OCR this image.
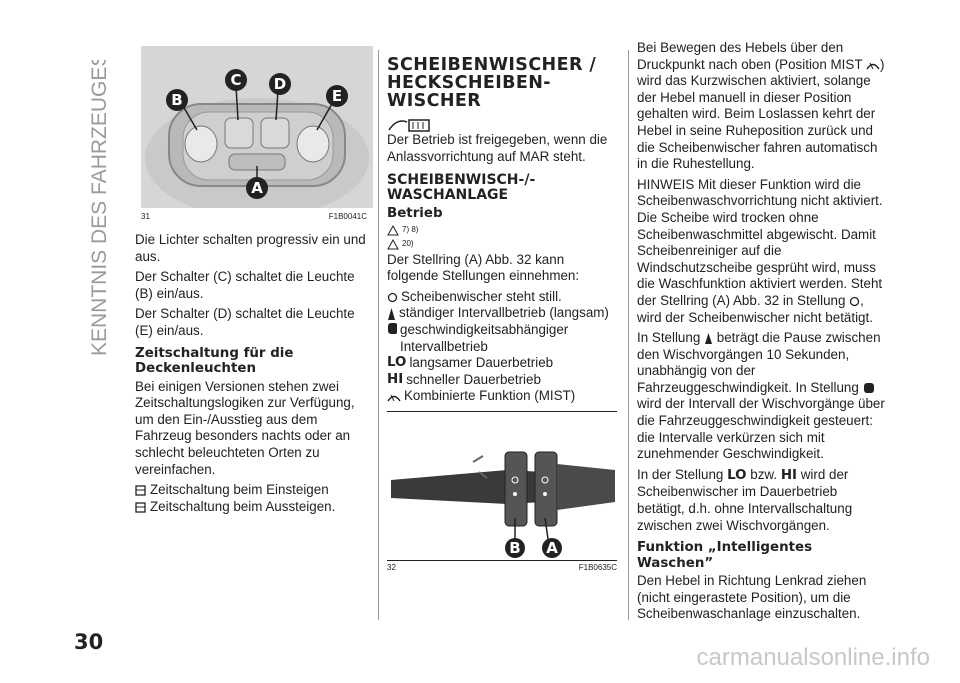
KENNTNIS DES FAHRZEUGES	C D
B	E
A
31	F1B0041C

Die Lichter schalten progressiv ein und aus.

Der Schalter (C) schaltet die Leuchte (B) ein/aus.

Der Schalter (D) schaltet die Leuchte (E) ein/aus.

Zeitschaltung für die Deckenleuchten

Bei einigen Versionen stehen zwei Zeitschaltungslogiken zur Verfügung, um den Ein-/Ausstieg aus dem Fahrzeug besonders nachts oder an schlecht beleuchteten Orten zu vereinfachen.

Zeitschaltung beim Einsteigen
Zeitschaltung beim Aussteigen.
SCHEIBENWISCHER / HECKSCHEIBEN-WISCHER

Der Betrieb ist freigegeben, wenn die Anlassvorrichtung auf MAR steht.

SCHEIBENWISCH-/-WASCHANLAGE
Betrieb
7) 8)
20)

Der Stellring (A) Abb. 32 kann folgende Stellungen einnehmen:

Scheibenwischer steht still.
ständiger Intervallbetrieb (langsam)
geschwindigkeitsabhängiger Intervallbetrieb
LO langsamer Dauerbetrieb
HI schneller Dauerbetrieb
Kombinierte Funktion (MIST)
B A
32	F1B0635C

Bei Bewegen des Hebels über den Druckpunkt nach oben (Position MIST ) wird das Kurzwischen aktiviert, solange der Hebel manuell in dieser Position gehalten wird. Beim Loslassen kehrt der Hebel in seine Ruheposition zurück und die Scheibenwischer fahren automatisch in die Ruhestellung.

HINWEIS Mit dieser Funktion wird die Scheibenwaschvorrichtung nicht aktiviert. Die Scheibe wird trocken ohne Scheibenwaschmittel abgewischt. Damit Scheibenreiniger auf die Windschutzscheibe gesprüht wird, muss die Waschfunktion aktiviert werden. Steht der Stellring (A) Abb. 32 in Stellung , wird der Scheibenwischer nicht betätigt.

In Stellung beträgt die Pause zwischen den Wischvorgängen 10 Sekunden, unabhängig von der Fahrzeuggeschwindigkeit. In Stellung  wird der Intervall der Wischvorgänge über die Fahrzeuggeschwindigkeit gesteuert: die Intervalle verkürzen sich mit zunehmender Geschwindigkeit.

In der Stellung LO bzw. HI wird der Scheibenwischer im Dauerbetrieb betätigt, d.h. ohne Intervallschaltung zwischen zwei Wischvorgängen.

Funktion „Intelligentes Waschen”

Den Hebel in Richtung Lenkrad ziehen (nicht eingerastete Position), um die Scheibenwaschanlage einzuschalten.

30
carmanualsonline.info
